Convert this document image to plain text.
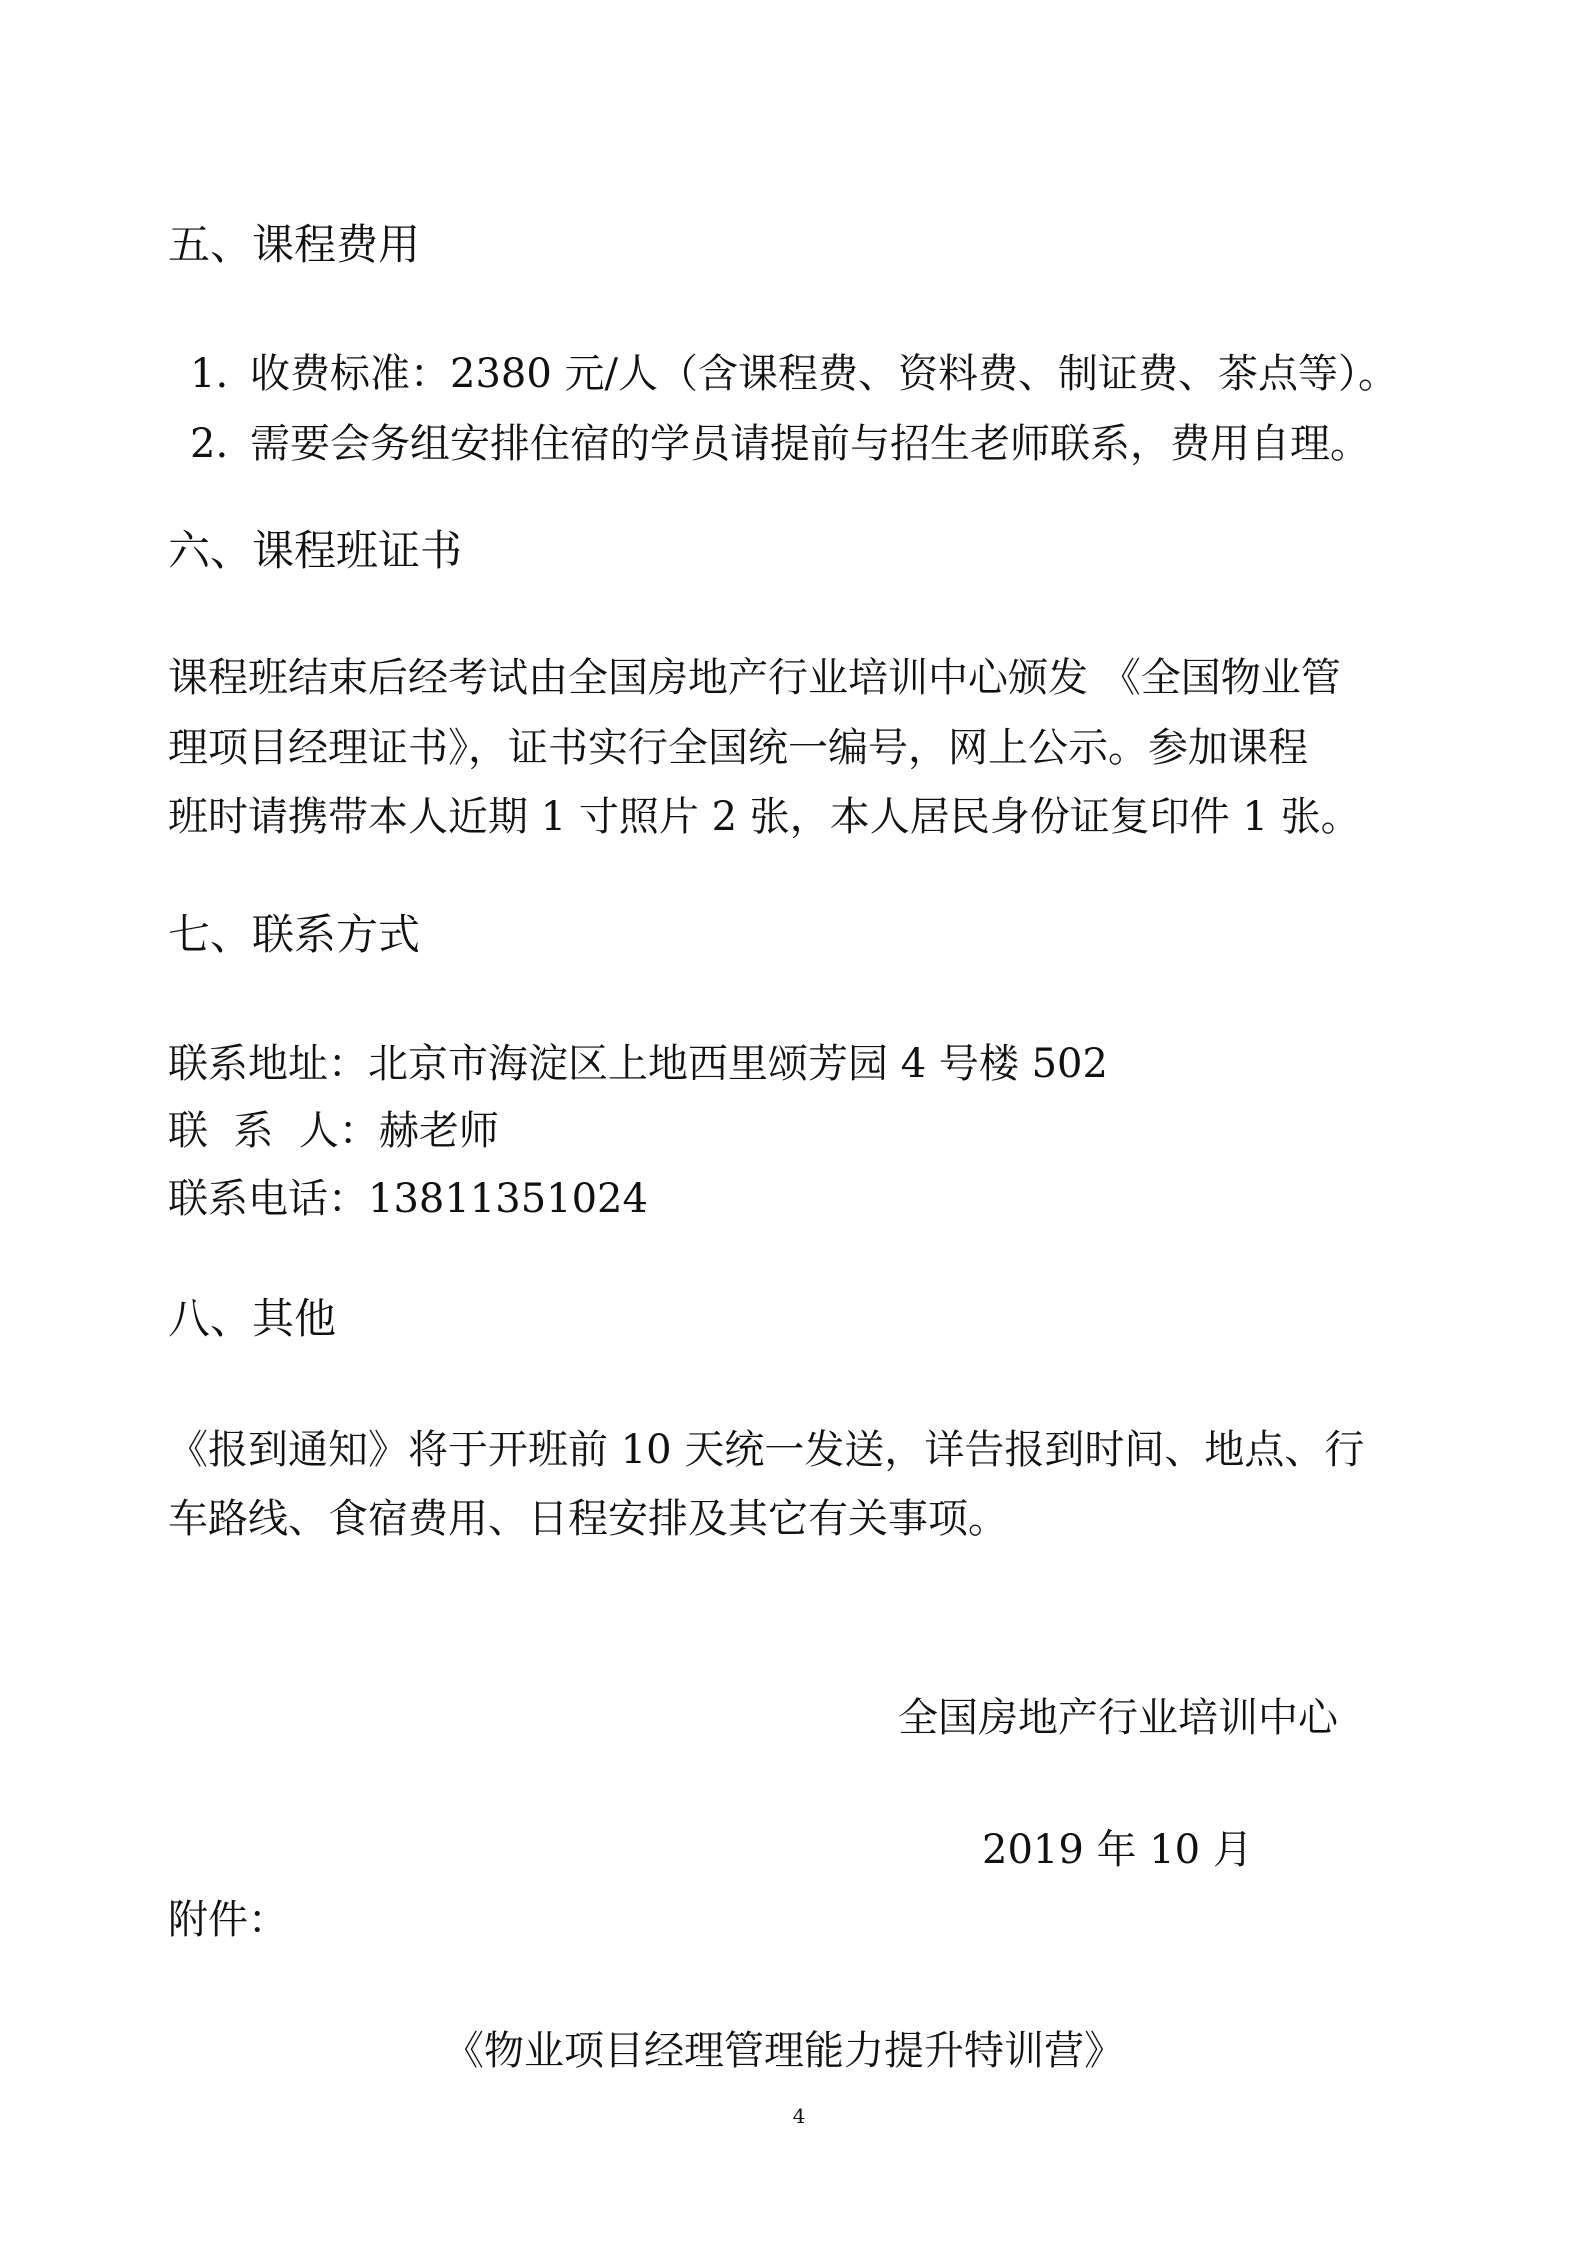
五、课程费用
1. 收费标准：2380 元/人（含课程费、资料费、制证费、茶点等）。
2. 需要会务组安排住宿的学员请提前与招生老师联系，费用自理。
六、课程班证书
课程班结束后经考试由全国房地产行业培训中心颁发 《全国物业管
理项目经理证书》，证书实行全国统一编号，网上公示。参加课程
班时请携带本人近期 1 寸照片 2 张，本人居民身份证复印件 1 张。
七、联系方式
联系地址：北京市海淀区上地西里颂芳园 4 号楼 502
联  系  人：赫老师
联系电话：13811351024
八、其他
《报到通知》将于开班前 10 天统一发送，详告报到时间、地点、行
车路线、食宿费用、日程安排及其它有关事项。
全国房地产行业培训中心
2019 年 10 月
附件：
《物业项目经理管理能力提升特训营》
4
